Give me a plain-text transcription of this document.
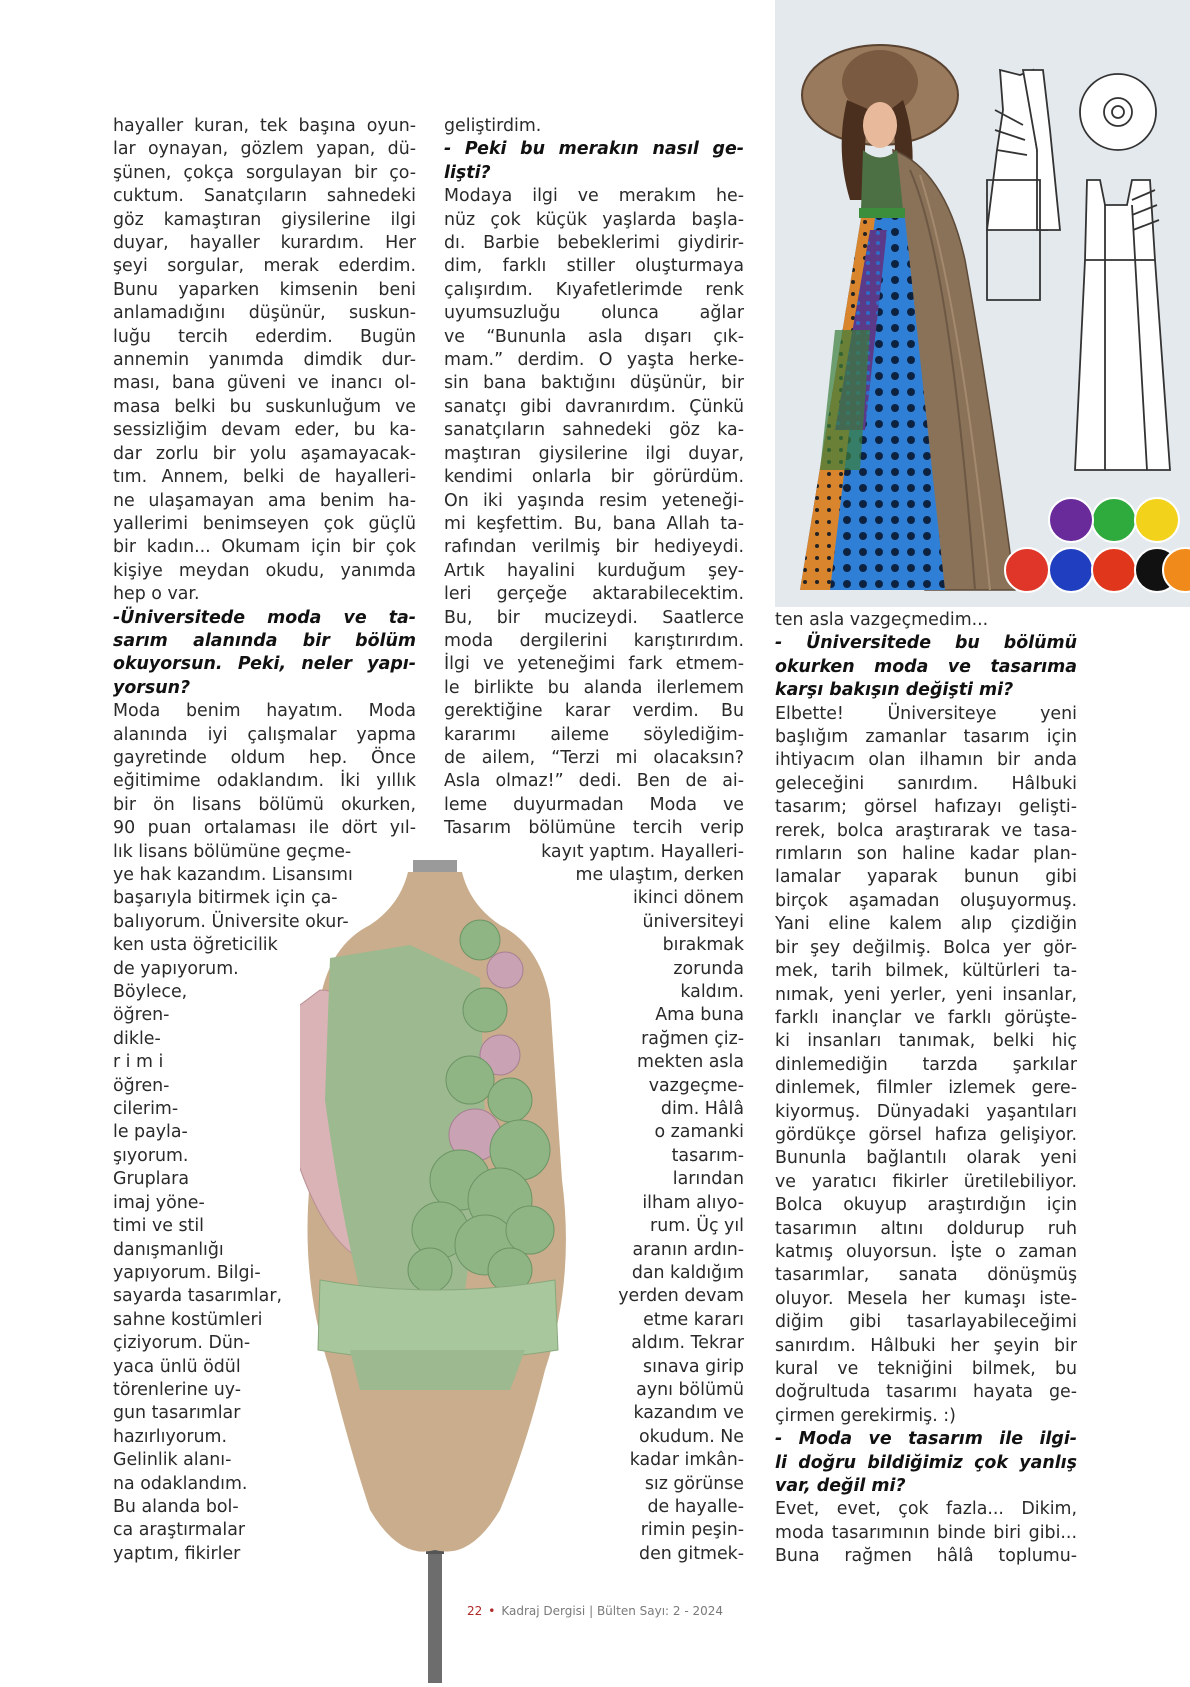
hayaller kuran, tek başına oyun-
lar oynayan, gözlem yapan, dü-
şünen, çokça sorgulayan bir ço-
cuktum. Sanatçıların sahnedeki
göz kamaştıran giysilerine ilgi
duyar, hayaller kurardım. Her
şeyi sorgular, merak ederdim.
Bunu yaparken kimsenin beni
anlamadığını düşünür, suskun-
luğu tercih ederdim. Bugün
annemin yanımda dimdik dur-
ması, bana güveni ve inancı ol-
masa belki bu suskunluğum ve
sessizliğim devam eder, bu ka-
dar zorlu bir yolu aşamayacak-
tım. Annem, belki de hayalleri-
ne ulaşamayan ama benim ha-
yallerimi benimseyen çok güçlü
bir kadın... Okumam için bir çok
kişiye meydan okudu, yanımda
hep o var.
-Üniversitede moda ve ta-
sarım alanında bir bölüm
okuyorsun. Peki, neler yapı-
yorsun?
Moda benim hayatım. Moda
alanında iyi çalışmalar yapma
gayretinde oldum hep. Önce
eğitimime odaklandım. İki yıllık
bir ön lisans bölümü okurken,
90 puan ortalaması ile dört yıl-
lık lisans bölümüne geçme-
ye hak kazandım. Lisansımı
başarıyla bitirmek için ça-
balıyorum. Üniversite okur-
ken usta öğreticilik
de yapıyorum.
Böylece,
öğren-
dikle-
r i m i
öğren-
cilerim-
le payla-
şıyorum.
Gruplara
imaj yöne-
timi ve stil
danışmanlığı
yapıyorum. Bilgi-
sayarda tasarımlar,
sahne kostümleri
çiziyorum. Dün-
yaca ünlü ödül
törenlerine uy-
gun tasarımlar
hazırlıyorum.
Gelinlik alanı-
na odaklandım.
Bu alanda bol-
ca araştırmalar
yaptım, fikirler
geliştirdim.
- Peki bu merakın nasıl ge-
lişti?
Modaya ilgi ve merakım he-
nüz çok küçük yaşlarda başla-
dı. Barbie bebeklerimi giydirir-
dim, farklı stiller oluşturmaya
çalışırdım. Kıyafetlerimde renk
uyumsuzluğu olunca ağlar
ve “Bununla asla dışarı çık-
mam.” derdim. O yaşta herke-
sin bana baktığını düşünür, bir
sanatçı gibi davranırdım. Çünkü
sanatçıların sahnedeki göz ka-
maştıran giysilerine ilgi duyar,
kendimi onlarla bir görürdüm.
On iki yaşında resim yeteneği-
mi keşfettim. Bu, bana Allah ta-
rafından verilmiş bir hediyeydi.
Artık hayalini kurduğum şey-
leri gerçeğe aktarabilecektim.
Bu, bir mucizeydi. Saatlerce
moda dergilerini karıştırırdım.
İlgi ve yeteneğimi fark etmem-
le birlikte bu alanda ilerlemem
gerektiğine karar verdim. Bu
kararımı aileme söylediğim-
de ailem, “Terzi mi olacaksın?
Asla olmaz!” dedi. Ben de ai-
leme duyurmadan Moda ve
Tasarım bölümüne tercih verip
kayıt yaptım. Hayalleri-
me ulaştım, derken
ikinci dönem
üniversiteyi
bırakmak
zorunda
kaldım.
Ama buna
rağmen çiz-
mekten asla
vazgeçme-
dim. Hâlâ
o zamanki
tasarım-
larından
ilham alıyo-
rum. Üç yıl
aranın ardın-
dan kaldığım
yerden devam
etme kararı
aldım. Tekrar
sınava girip
aynı bölümü
kazandım ve
okudum. Ne
kadar imkân-
sız görünse
de hayalle-
rimin peşin-
den gitmek-
ten asla vazgeçmedim...
- Üniversitede bu bölümü
okurken moda ve tasarıma
karşı bakışın değişti mi?
Elbette! Üniversiteye yeni
başlığım zamanlar tasarım için
ihtiyacım olan ilhamın bir anda
geleceğini sanırdım. Hâlbuki
tasarım; görsel hafızayı gelişti-
rerek, bolca araştırarak ve tasa-
rımların son haline kadar plan-
lamalar yaparak bunun gibi
birçok aşamadan oluşuyormuş.
Yani eline kalem alıp çizdiğin
bir şey değilmiş. Bolca yer gör-
mek, tarih bilmek, kültürleri ta-
nımak, yeni yerler, yeni insanlar,
farklı inançlar ve farklı görüşte-
ki insanları tanımak, belki hiç
dinlemediğin tarzda şarkılar
dinlemek, filmler izlemek gere-
kiyormuş. Dünyadaki yaşantıları
gördükçe görsel hafıza gelişiyor.
Bununla bağlantılı olarak yeni
ve yaratıcı fikirler üretilebiliyor.
Bolca okuyup araştırdığın için
tasarımın altını doldurup ruh
katmış oluyorsun. İşte o zaman
tasarımlar, sanata dönüşmüş
oluyor. Mesela her kumaşı iste-
diğim gibi tasarlayabileceğimi
sanırdım. Hâlbuki her şeyin bir
kural ve tekniğini bilmek, bu
doğrultuda tasarımı hayata ge-
çirmen gerekirmiş. :)
- Moda ve tasarım ile ilgi-
li doğru bildiğimiz çok yanlış
var, değil mi?
Evet, evet, çok fazla... Dikim,
moda tasarımının binde biri gibi...
Buna rağmen hâlâ toplumu-
22 • Kadraj Dergisi | Bülten Sayı: 2 - 2024
